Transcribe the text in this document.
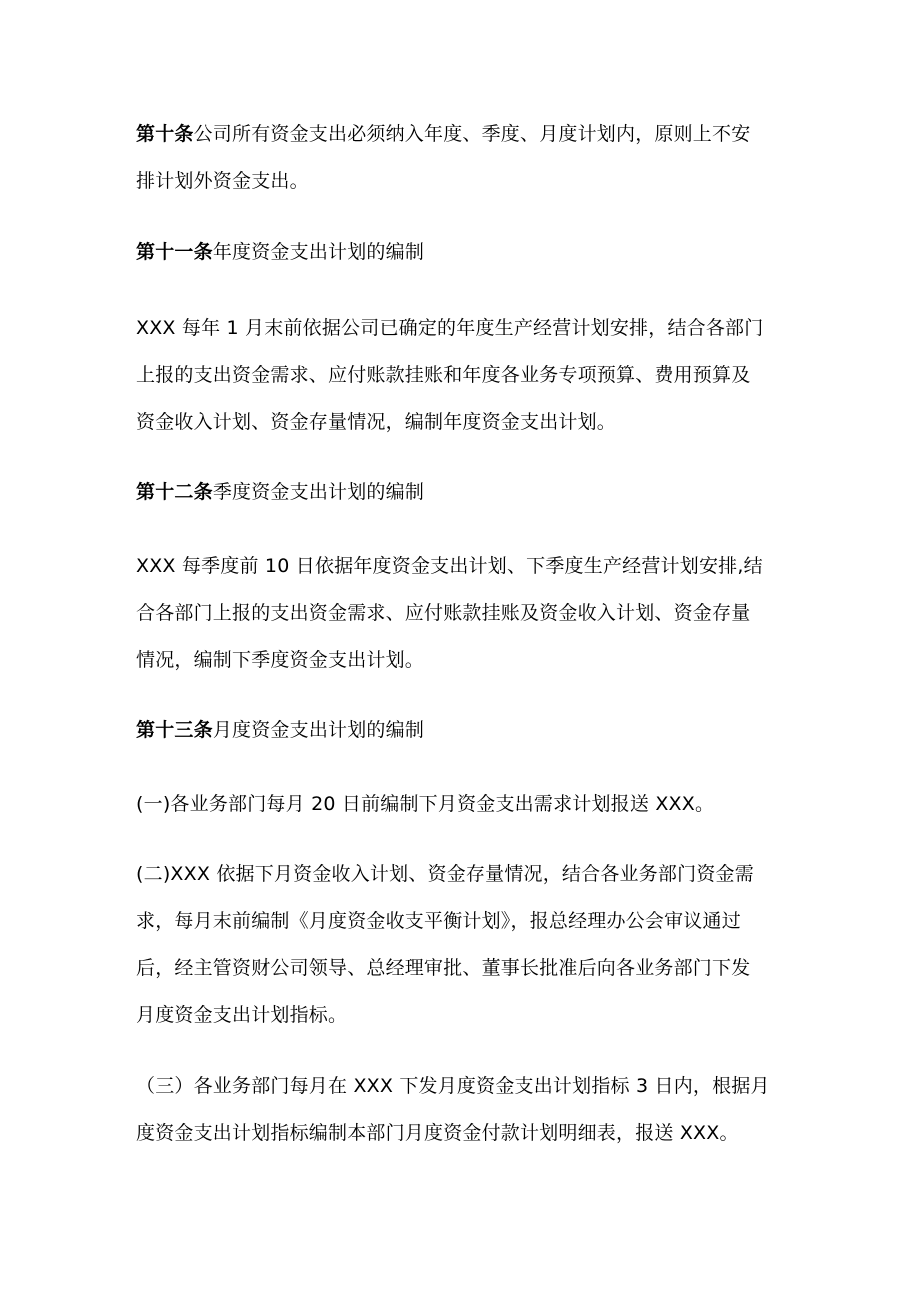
第十条公司所有资金支出必须纳入年度、季度、月度计划内，原则上不安
排计划外资金支出。

第十一条年度资金支出计划的编制

XXX 每年 1 月末前依据公司已确定的年度生产经营计划安排，结合各部门
上报的支出资金需求、应付账款挂账和年度各业务专项预算、费用预算及
资金收入计划、资金存量情况，编制年度资金支出计划。

第十二条季度资金支出计划的编制

XXX 每季度前 10 日依据年度资金支出计划、下季度生产经营计划安排,结
合各部门上报的支出资金需求、应付账款挂账及资金收入计划、资金存量
情况，编制下季度资金支出计划。

第十三条月度资金支出计划的编制

(一)各业务部门每月 20 日前编制下月资金支出需求计划报送 XXX。

(二)XXX 依据下月资金收入计划、资金存量情况，结合各业务部门资金需
求，每月末前编制《月度资金收支平衡计划》，报总经理办公会审议通过
后，经主管资财公司领导、总经理审批、董事长批准后向各业务部门下发
月度资金支出计划指标。

（三）各业务部门每月在 XXX 下发月度资金支出计划指标 3 日内，根据月
度资金支出计划指标编制本部门月度资金付款计划明细表，报送 XXX。
